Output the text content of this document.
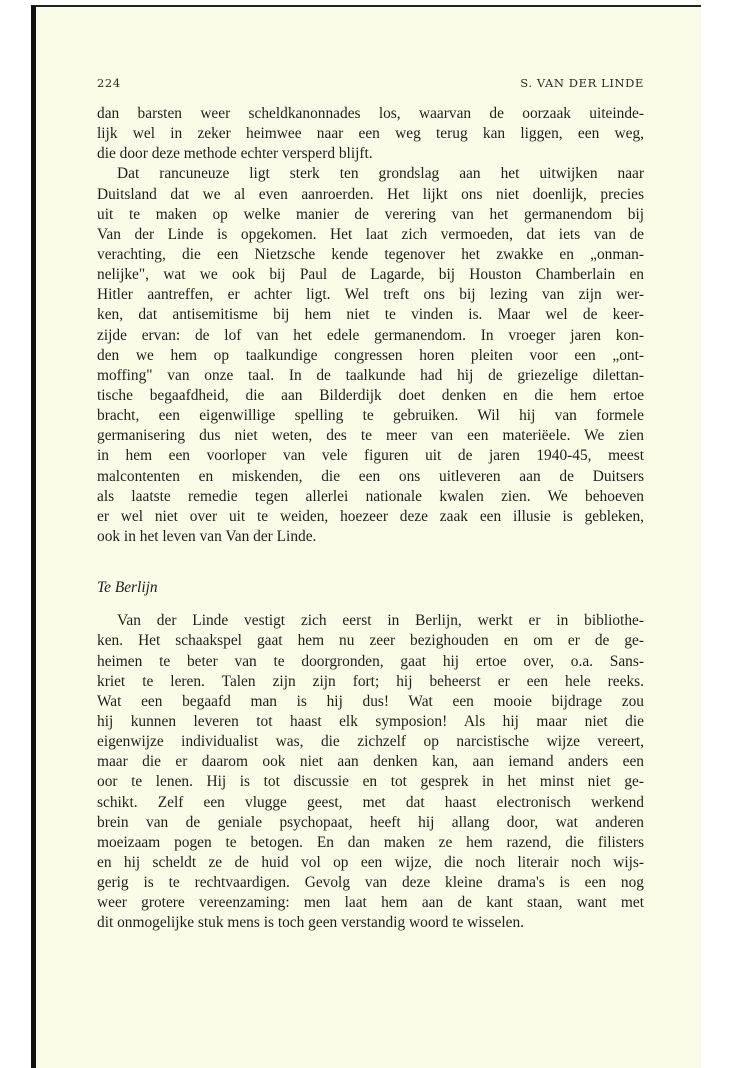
224	S. VAN DER LINDE
dan barsten weer scheldkanonnades los, waarvan de oorzaak uiteinde-
lijk wel in zeker heimwee naar een weg terug kan liggen, een weg,
die door deze methode echter versperd blijft.
Dat rancuneuze ligt sterk ten grondslag aan het uitwijken naar
Duitsland dat we al even aanroerden. Het lijkt ons niet doenlijk, precies
uit te maken op welke manier de verering van het germanendom bij
Van der Linde is opgekomen. Het laat zich vermoeden, dat iets van de
verachting, die een Nietzsche kende tegenover het zwakke en „onman-
nelijke", wat we ook bij Paul de Lagarde, bij Houston Chamberlain en
Hitler aantreffen, er achter ligt. Wel treft ons bij lezing van zijn wer-
ken, dat antisemitisme bij hem niet te vinden is. Maar wel de keer-
zijde ervan: de lof van het edele germanendom. In vroeger jaren kon-
den we hem op taalkundige congressen horen pleiten voor een „ont-
moffing" van onze taal. In de taalkunde had hij de griezelige dilettan-
tische begaafdheid, die aan Bilderdijk doet denken en die hem ertoe
bracht, een eigenwillige spelling te gebruiken. Wil hij van formele
germanisering dus niet weten, des te meer van een materiëele. We zien
in hem een voorloper van vele figuren uit de jaren 1940-45, meest
malcontenten en miskenden, die een ons uitleveren aan de Duitsers
als laatste remedie tegen allerlei nationale kwalen zien. We behoeven
er wel niet over uit te weiden, hoezeer deze zaak een illusie is gebleken,
ook in het leven van Van der Linde.
Te Berlijn
Van der Linde vestigt zich eerst in Berlijn, werkt er in bibliothe-
ken. Het schaakspel gaat hem nu zeer bezighouden en om er de ge-
heimen te beter van te doorgronden, gaat hij ertoe over, o.a. Sans-
kriet te leren. Talen zijn zijn fort; hij beheerst er een hele reeks.
Wat een begaafd man is hij dus! Wat een mooie bijdrage zou
hij kunnen leveren tot haast elk symposion! Als hij maar niet die
eigenwijze individualist was, die zichzelf op narcistische wijze vereert,
maar die er daarom ook niet aan denken kan, aan iemand anders een
oor te lenen. Hij is tot discussie en tot gesprek in het minst niet ge-
schikt. Zelf een vlugge geest, met dat haast electronisch werkend
brein van de geniale psychopaat, heeft hij allang door, wat anderen
moeizaam pogen te betogen. En dan maken ze hem razend, die filisters
en hij scheldt ze de huid vol op een wijze, die noch literair noch wijs-
gerig is te rechtvaardigen. Gevolg van deze kleine drama's is een nog
weer grotere vereenzaming: men laat hem aan de kant staan, want met
dit onmogelijke stuk mens is toch geen verstandig woord te wisselen.
